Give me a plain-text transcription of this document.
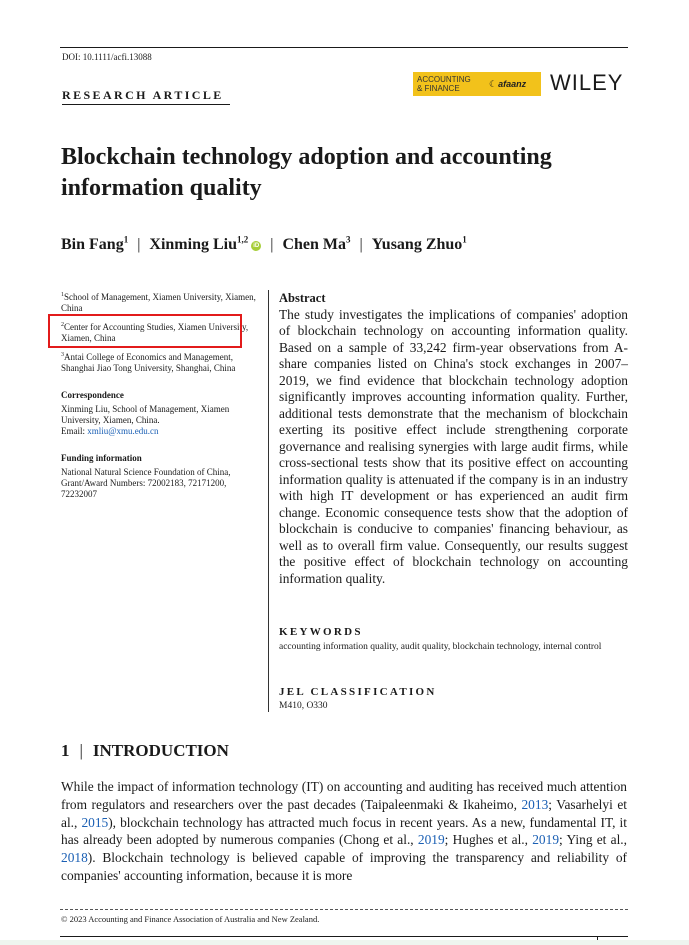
DOI: 10.1111/acfi.13088
RESEARCH ARTICLE
ACCOUNTING
& FINANCE	☾ afaanz WILEY
Blockchain technology adoption and accounting information quality
Bin Fang$^1$ | Xinming Liu$^{1,2}$iD | Chen Ma$^3$ | Yusang Zhuo$^1$
$^1$School of Management, Xiamen University, Xiamen, China
$^2$Center for Accounting Studies, Xiamen University, Xiamen, China
$^3$Antai College of Economics and Management, Shanghai Jiao Tong University, Shanghai, China
Correspondence
Xinming Liu, School of Management, Xiamen University, Xiamen, China.
Email: xmliu@xmu.edu.cn
Funding information
National Natural Science Foundation of China, Grant/Award Numbers: 72002183, 72171200, 72232007
Abstract
The study investigates the implications of companies' adoption of blockchain technology on accounting information quality. Based on a sample of 33,242 firm-year observations from A-share companies listed on China's stock exchanges in 2007–2019, we find evidence that blockchain technology adoption significantly improves accounting information quality. Further, additional tests demonstrate that the mechanism of blockchain exerting its positive effect include strengthening corporate governance and realising synergies with large audit firms, while cross-sectional tests show that its positive effect on accounting information quality is attenuated if the company is in an industry with high IT development or has experienced an audit firm change. Economic consequence tests show that the adoption of blockchain is conducive to companies' financing behaviour, as well as to overall firm value. Consequently, our results suggest the positive effect of blockchain technology on accounting information quality.
KEYWORDS
accounting information quality, audit quality, blockchain technology, internal control
JEL CLASSIFICATION
M410, O330
1 | INTRODUCTION
While the impact of information technology (IT) on accounting and auditing has received much attention from regulators and researchers over the past decades (Taipaleenmaki & Ikaheimo, 2013; Vasarhelyi et al., 2015), blockchain technology has attracted much focus in recent years. As a new, fundamental IT, it has already been adopted by numerous companies (Chong et al., 2019; Hughes et al., 2019; Ying et al., 2018). Blockchain technology is believed capable of improving the transparency and reliability of companies' accounting information, because it is more
© 2023 Accounting and Finance Association of Australia and New Zealand.
